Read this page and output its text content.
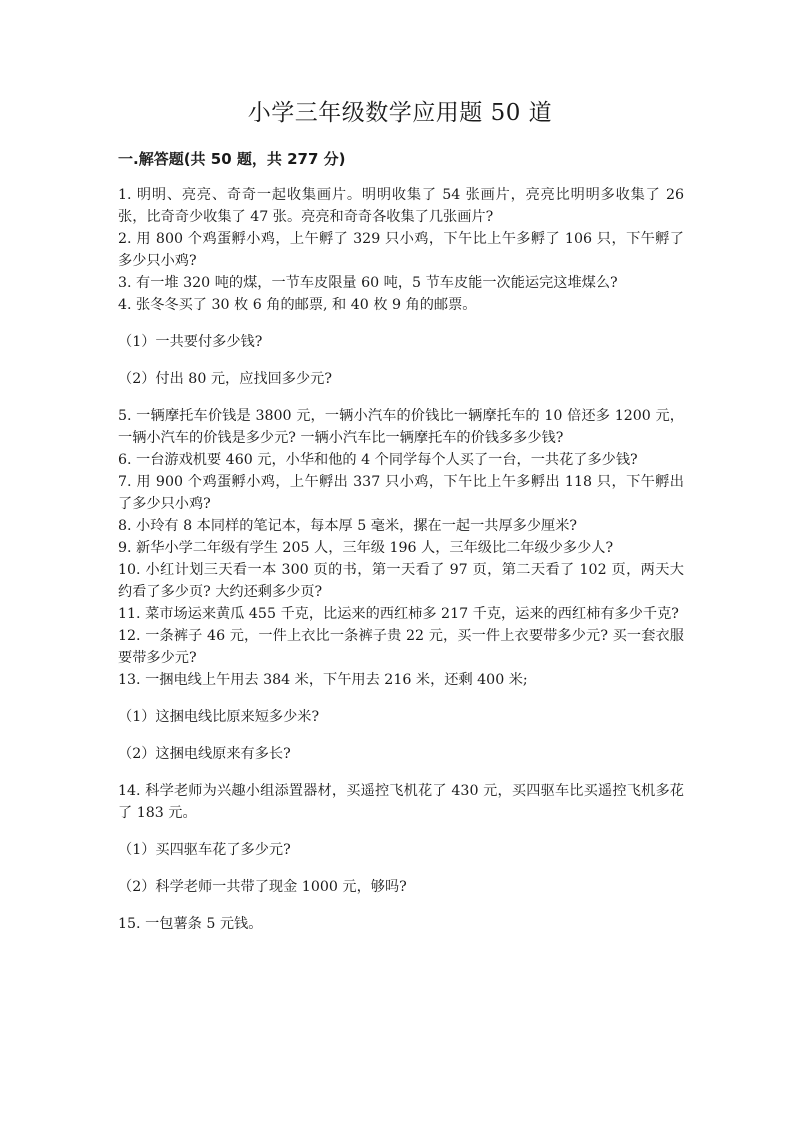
小学三年级数学应用题 50 道
一.解答题(共 50 题，共 277 分)

1. 明明、亮亮、奇奇一起收集画片。明明收集了 54 张画片，亮亮比明明多收集了 26 张，比奇奇少收集了 47 张。亮亮和奇奇各收集了几张画片?

2. 用 800 个鸡蛋孵小鸡，上午孵了 329 只小鸡，下午比上午多孵了 106 只，下午孵了多少只小鸡?

3. 有一堆 320 吨的煤，一节车皮限量 60 吨，5 节车皮能一次能运完这堆煤么?

4. 张冬冬买了 30 枚 6 角的邮票, 和 40 枚 9 角的邮票。

（1）一共要付多少钱?

（2）付出 80 元，应找回多少元?

5. 一辆摩托车价钱是 3800 元，一辆小汽车的价钱比一辆摩托车的 10 倍还多 1200 元，一辆小汽车的价钱是多少元? 一辆小汽车比一辆摩托车的价钱多多少钱?

6. 一台游戏机要 460 元，小华和他的 4 个同学每个人买了一台，一共花了多少钱?

7. 用 900 个鸡蛋孵小鸡，上午孵出 337 只小鸡，下午比上午多孵出 118 只，下午孵出了多少只小鸡?

8. 小玲有 8 本同样的笔记本，每本厚 5 毫米，摞在一起一共厚多少厘米?

9. 新华小学二年级有学生 205 人，三年级 196 人，三年级比二年级少多少人?

10. 小红计划三天看一本 300 页的书，第一天看了 97 页，第二天看了 102 页，两天大约看了多少页? 大约还剩多少页?

11. 菜市场运来黄瓜 455 千克，比运来的西红柿多 217 千克，运来的西红柿有多少千克?

12. 一条裤子 46 元，一件上衣比一条裤子贵 22 元，买一件上衣要带多少元? 买一套衣服要带多少元?

13. 一捆电线上午用去 384 米，下午用去 216 米，还剩 400 米;

（1）这捆电线比原来短多少米?

（2）这捆电线原来有多长?

14. 科学老师为兴趣小组添置器材，买遥控飞机花了 430 元，买四驱车比买遥控飞机多花了 183 元。

（1）买四驱车花了多少元?

（2）科学老师一共带了现金 1000 元，够吗?

15. 一包薯条 5 元钱。
